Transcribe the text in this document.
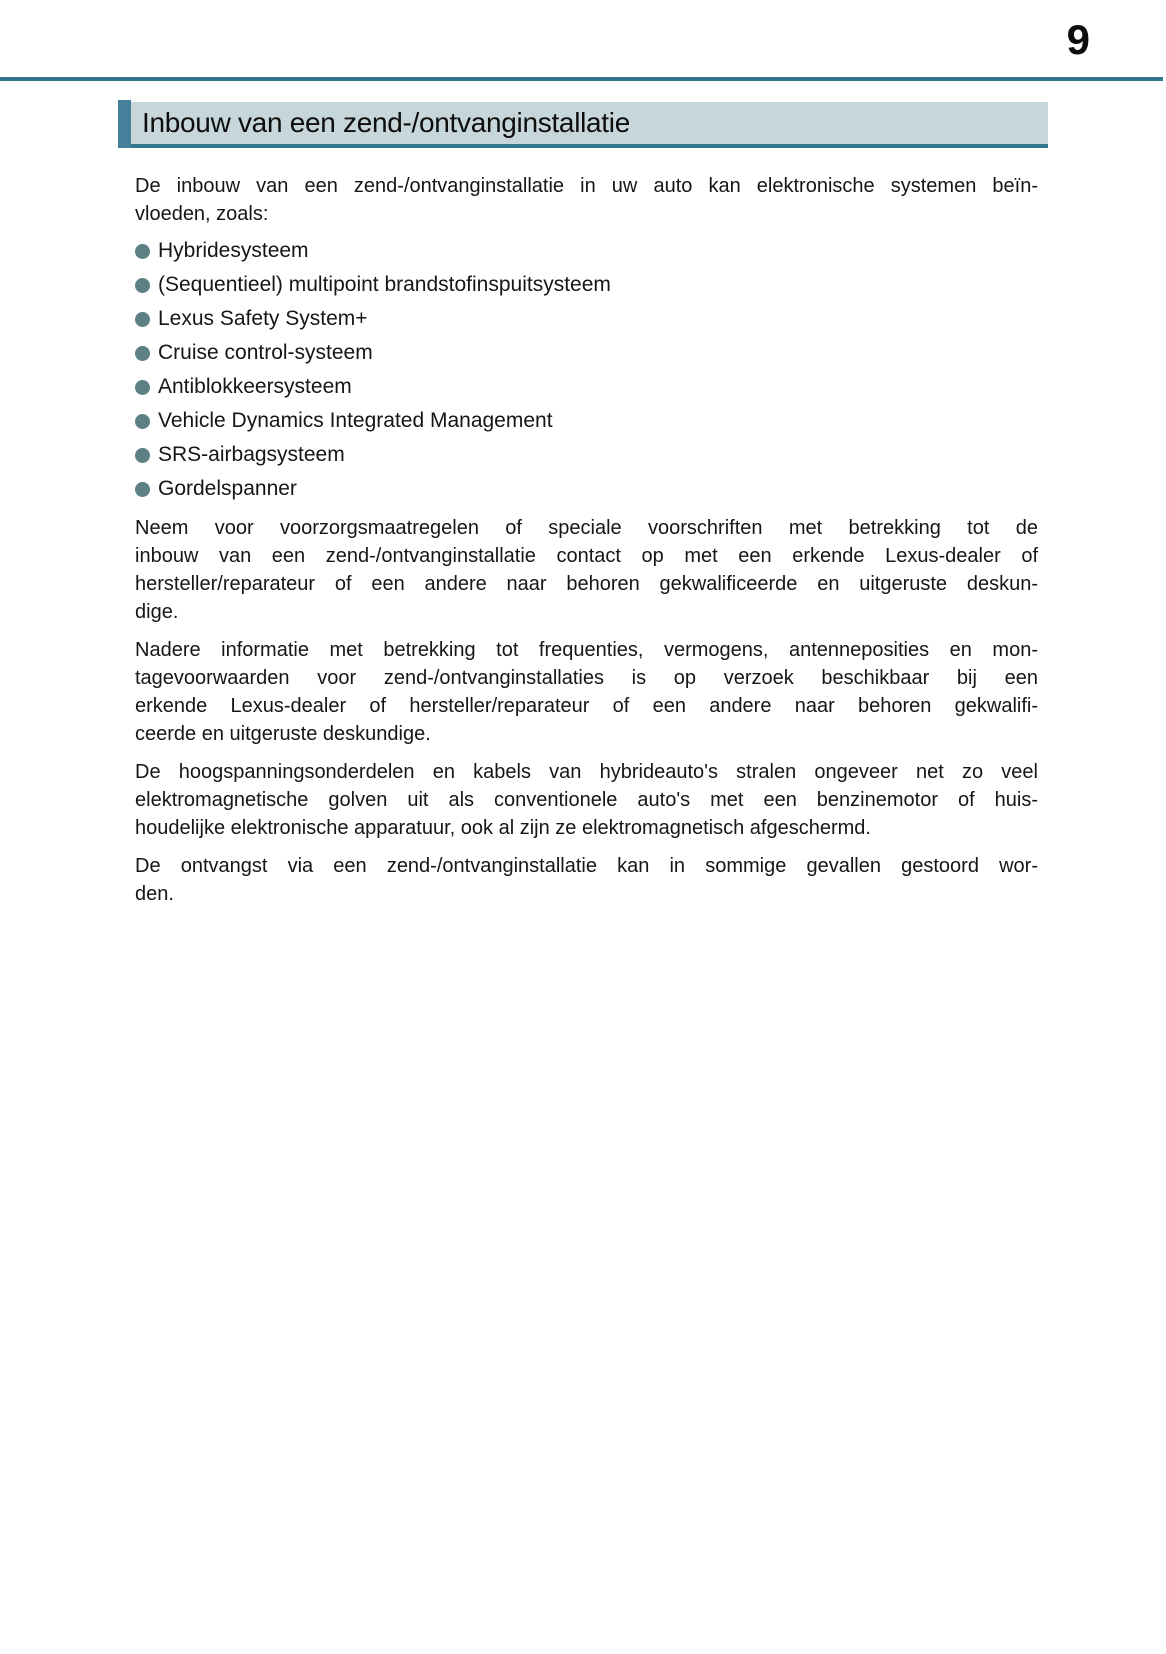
9
Inbouw van een zend-/ontvanginstallatie
De inbouw van een zend-/ontvanginstallatie in uw auto kan elektronische systemen beïn-
vloeden, zoals:
Hybridesysteem
(Sequentieel) multipoint brandstofinspuitsysteem
Lexus Safety System+
Cruise control-systeem
Antiblokkeersysteem
Vehicle Dynamics Integrated Management
SRS-airbagsysteem
Gordelspanner
Neem voor voorzorgsmaatregelen of speciale voorschriften met betrekking tot de
inbouw van een zend-/ontvanginstallatie contact op met een erkende Lexus-dealer of
hersteller/reparateur of een andere naar behoren gekwalificeerde en uitgeruste deskun-
dige.
Nadere informatie met betrekking tot frequenties, vermogens, antenneposities en mon-
tagevoorwaarden voor zend-/ontvanginstallaties is op verzoek beschikbaar bij een
erkende Lexus-dealer of hersteller/reparateur of een andere naar behoren gekwalifi-
ceerde en uitgeruste deskundige.
De hoogspanningsonderdelen en kabels van hybrideauto's stralen ongeveer net zo veel
elektromagnetische golven uit als conventionele auto's met een benzinemotor of huis-
houdelijke elektronische apparatuur, ook al zijn ze elektromagnetisch afgeschermd.
De ontvangst via een zend-/ontvanginstallatie kan in sommige gevallen gestoord wor-
den.
